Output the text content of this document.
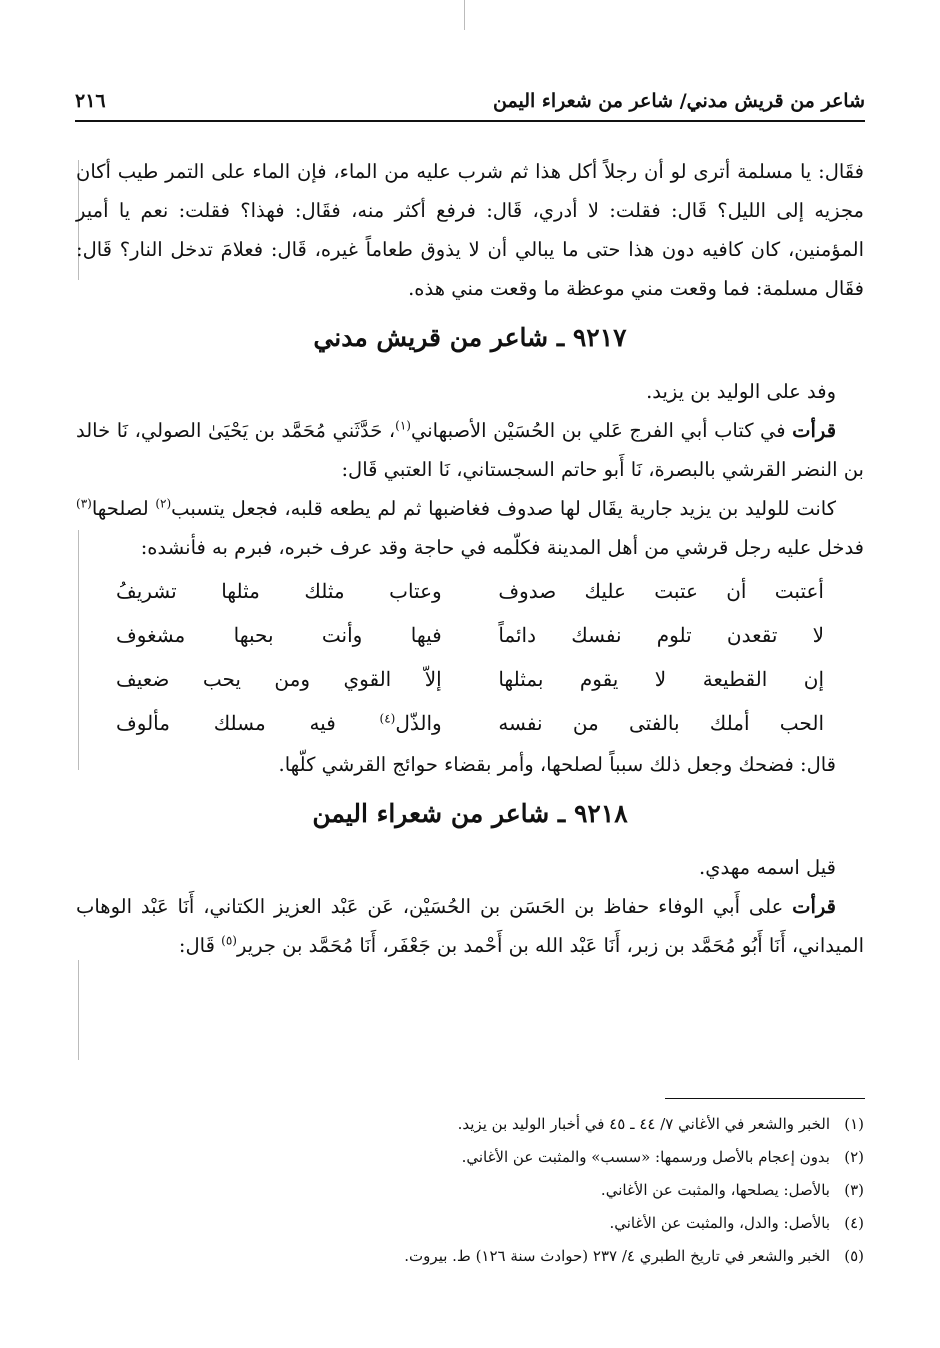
شاعر من قريش مدني/ شاعر من شعراء اليمن
٢١٦

فقَال: يا مسلمة أترى لو أن رجلاً أكل هذا ثم شرب عليه من الماء، فإن الماء على التمر طيب أكان مجزيه إلى الليل؟ قَال: فقلت: لا أدري، قَال: فرفع أكثر منه، فقَال: فهذا؟ فقلت: نعم يا أمير المؤمنين، كان كافيه دون هذا حتى ما يبالي أن لا يذوق طعاماً غيره، قَال: فعلامَ تدخل النار؟ قَال: فقَال مسلمة: فما وقعت مني موعظة ما وقعت مني هذه.

٩٢١٧ ـ شاعر من قريش مدني

وفد على الوليد بن يزيد.

قرأت في كتاب أبي الفرج عَلي بن الحُسَيْن الأصبهاني$^{(١)}$، حَدَّثَني مُحَمَّد بن يَحْيَىٰ الصولي، نَا خالد بن النضر القرشي بالبصرة، نَا أَبو حاتم السجستاني، نَا العتبي قَال:

كانت للوليد بن يزيد جارية يقَال لها صدوف فغاضبها ثم لم يطعه قلبه، فجعل يتسبب$^{(٢)}$ لصلحها$^{(٣)}$ فدخل عليه رجل قرشي من أهل المدينة فكلّمه في حاجة وقد عرف خبره، فبرم به فأنشده:

أعتبت أن عتبت عليك صدوف
وعتاب مثلك مثلها تشريفُ
لا تقعدن تلوم نفسك دائماً
فيها وأنت بحبها مشغوف
إن القطيعة لا يقوم بمثلها
إلاّ القوي ومن يحب ضعيف
الحب أملك بالفتى من نفسه
والذّل$^{(٤)}$ فيه مسلك مألوف

قال: فضحك وجعل ذلك سبباً لصلحها، وأمر بقضاء حوائج القرشي كلّها.

٩٢١٨ ـ شاعر من شعراء اليمن

قيل اسمه مهدي.

قرأت على أَبي الوفاء حفاظ بن الحَسَن بن الحُسَيْن، عَن عَبْد العزيز الكتاني، أَنَا عَبْد الوهاب الميداني، أَنَا أَبُو مُحَمَّد بن زبر، أَنَا عَبْد الله بن أَحْمد بن جَعْفَر، أَنَا مُحَمَّد بن جرير$^{(٥)}$ قَال:

(١)
الخبر والشعر في الأغاني ٧/ ٤٤ ـ ٤٥ في أخبار الوليد بن يزيد.
(٢)
بدون إعجام بالأصل ورسمها: «سسب» والمثبت عن الأغاني.
(٣)
بالأصل: يصلحها، والمثبت عن الأغاني.
(٤)
بالأصل: والدل، والمثبت عن الأغاني.
(٥)
الخبر والشعر في تاريخ الطبري ٤/ ٢٣٧ (حوادث سنة ١٢٦) ط. بيروت.
